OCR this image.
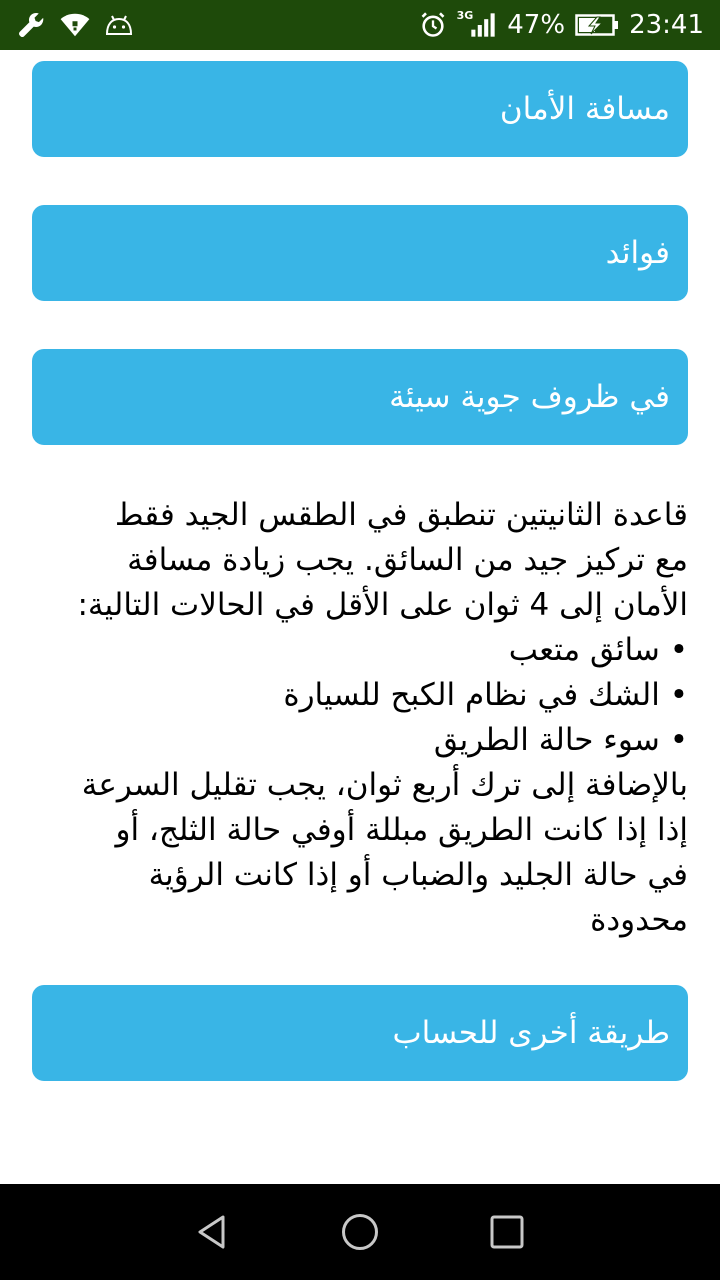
3G 47% 23:41
مسافة الأمان
فوائد
في ظروف جوية سيئة
قاعدة الثانيتين تنطبق في الطقس الجيد فقط
مع تركيز جيد من السائق. يجب زيادة مسافة
الأمان إلى 4 ثوان على الأقل في الحالات التالية:
• سائق متعب
• الشك في نظام الكبح للسيارة
• سوء حالة الطريق
بالإضافة إلى ترك أربع ثوان، يجب تقليل السرعة
إذا إذا كانت الطريق مبللة أوفي حالة الثلج، أو
في حالة الجليد والضباب أو إذا كانت الرؤية
محدودة
طريقة أخرى للحساب
